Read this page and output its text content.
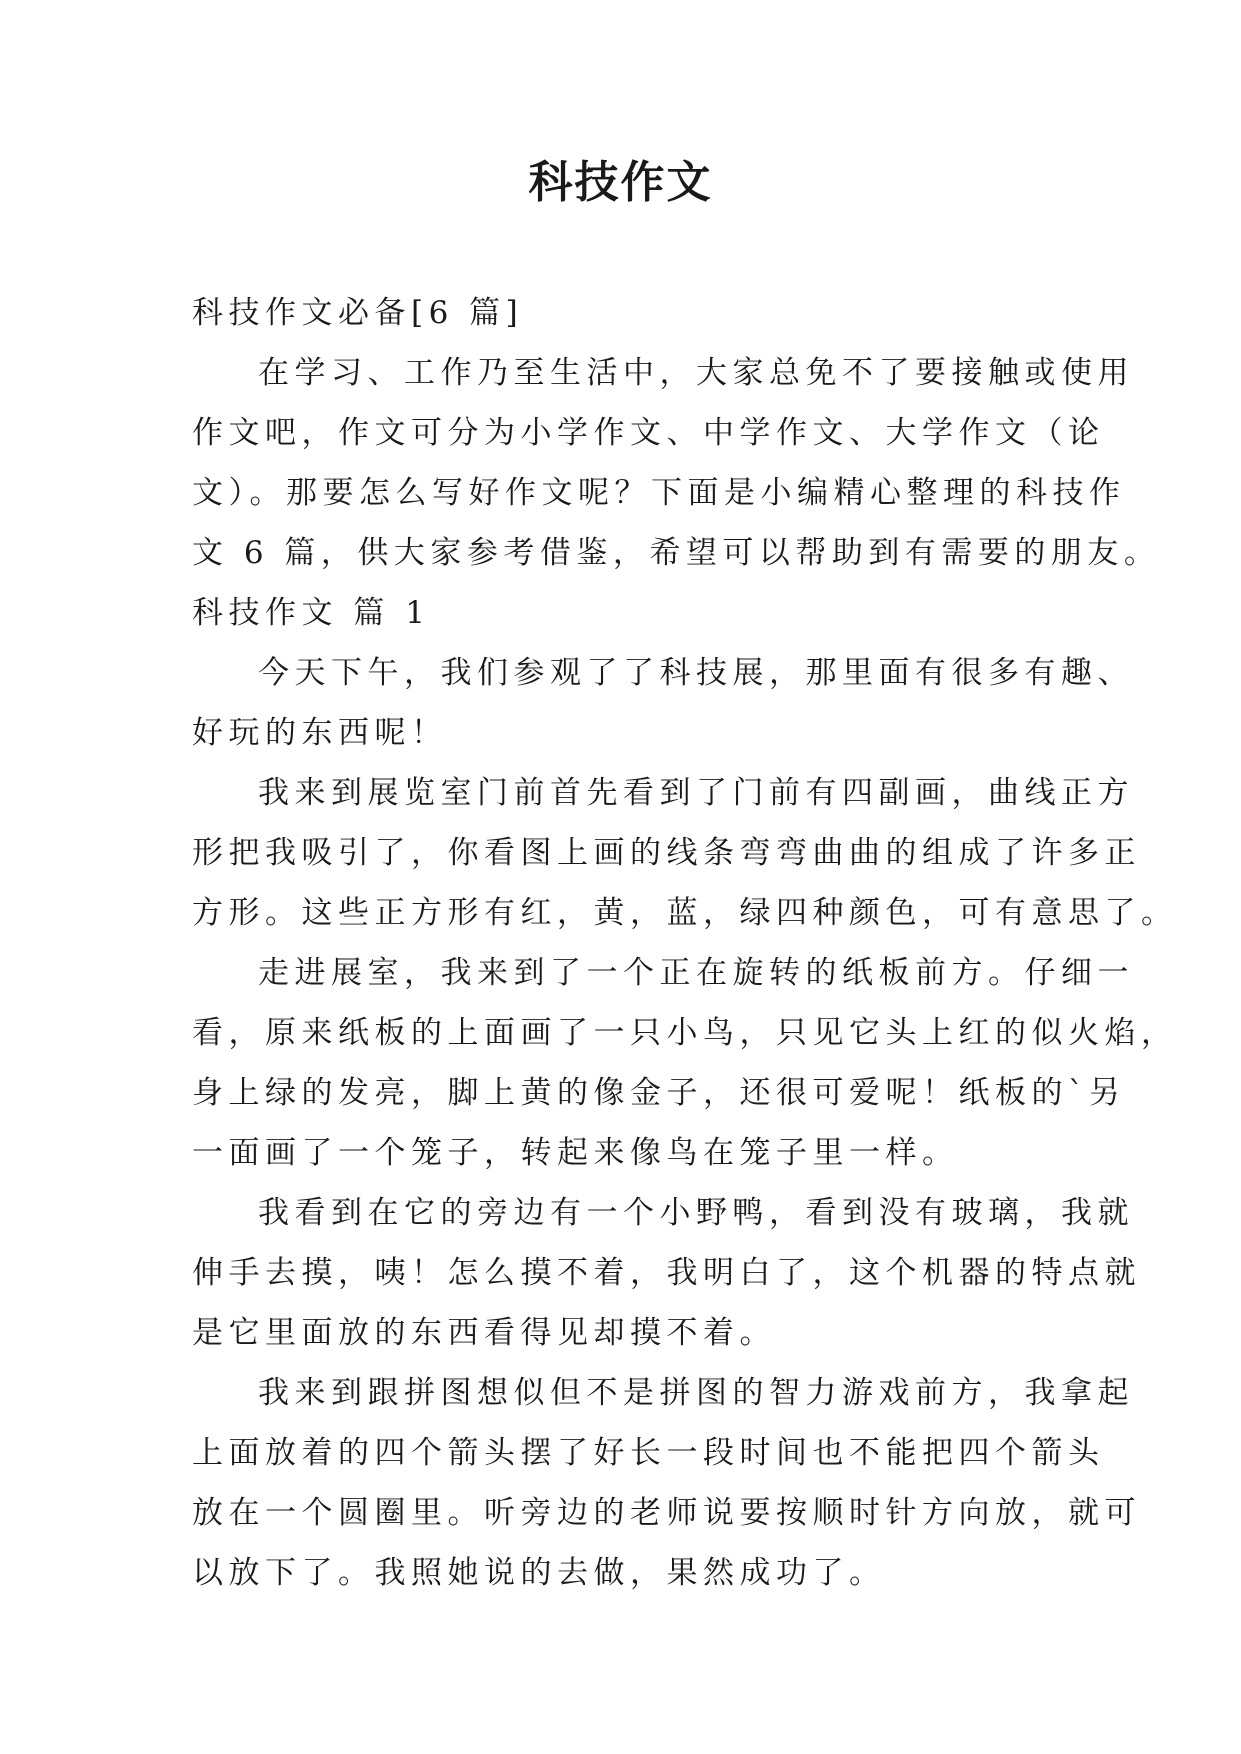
科技作文
科技作文必备[6 篇]
在学习、工作乃至生活中，大家总免不了要接触或使用
作文吧，作文可分为小学作文、中学作文、大学作文（论
文）。那要怎么写好作文呢？下面是小编精心整理的科技作
文 6 篇，供大家参考借鉴，希望可以帮助到有需要的朋友。
科技作文 篇 1
今天下午，我们参观了了科技展，那里面有很多有趣、
好玩的东西呢！
我来到展览室门前首先看到了门前有四副画，曲线正方
形把我吸引了，你看图上画的线条弯弯曲曲的组成了许多正
方形。这些正方形有红，黄，蓝，绿四种颜色，可有意思了。
走进展室，我来到了一个正在旋转的纸板前方。仔细一
看，原来纸板的上面画了一只小鸟，只见它头上红的似火焰，
身上绿的发亮，脚上黄的像金子，还很可爱呢！纸板的`另
一面画了一个笼子，转起来像鸟在笼子里一样。
我看到在它的旁边有一个小野鸭，看到没有玻璃，我就
伸手去摸，咦！怎么摸不着，我明白了，这个机器的特点就
是它里面放的东西看得见却摸不着。
我来到跟拼图想似但不是拼图的智力游戏前方，我拿起
上面放着的四个箭头摆了好长一段时间也不能把四个箭头
放在一个圆圈里。听旁边的老师说要按顺时针方向放，就可
以放下了。我照她说的去做，果然成功了。
